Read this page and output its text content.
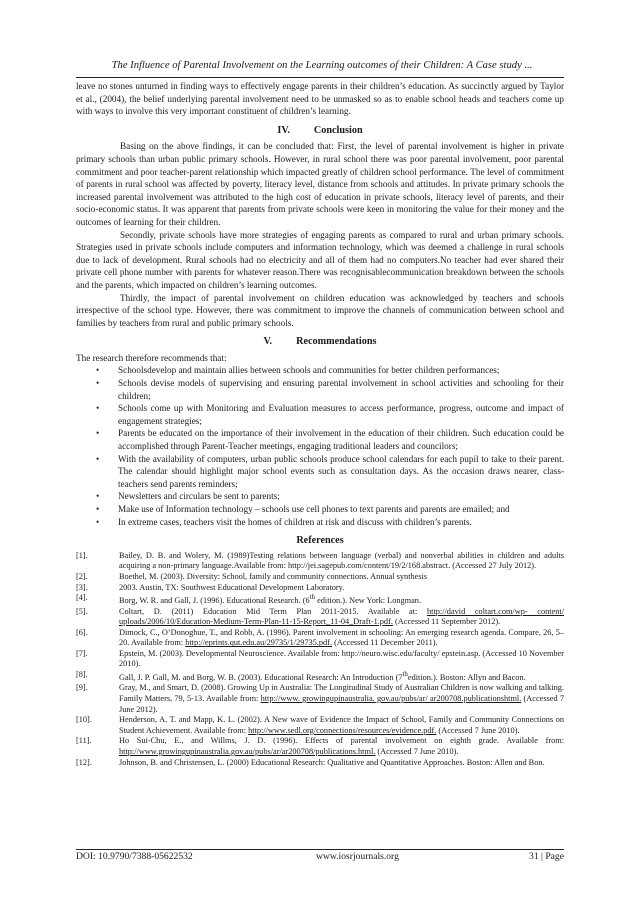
The Influence of Parental Involvement on the Learning outcomes of their Children: A Case study ...

leave no stones unturned in finding ways to effectively engage parents in their children’s education. As succinctly argued by Taylor et al., (2004), the belief underlying parental involvement need to be unmasked so as to enable school heads and teachers come up with ways to involve this very important constituent of children’s learning.

IV. Conclusion

Basing on the above findings, it can be concluded that: First, the level of parental involvement is higher in private primary schools than urban public primary schools. However, in rural school there was poor parental involvement, poor parental commitment and poor teacher-parent relationship which impacted greatly of children school performance. The level of commitment of parents in rural school was affected by poverty, literacy level, distance from schools and attitudes. In private primary schools the increased parental involvement was attributed to the high cost of education in private schools, literacy level of parents, and their socio-economic status. It was apparent that parents from private schools were keen in monitoring the value for their money and the outcomes of learning for their children.

Secondly, private schools have more strategies of engaging parents as compared to rural and urban primary schools. Strategies used in private schools include computers and information technology, which was deemed a challenge in rural schools due to lack of development. Rural schools had no electricity and all of them had no computers.No teacher had ever shared their private cell phone number with parents for whatever reason.There was recognisablecommunication breakdown between the schools and the parents, which impacted on children’s learning outcomes.

Thirdly, the impact of parental involvement on children education was acknowledged by teachers and schools irrespective of the school type. However, there was commitment to improve the channels of communication between school and families by teachers from rural and public primary schools.

V. Recommendations

The research therefore recommends that:

• Schoolsdevelop and maintain allies between schools and communities for better children performances;
• Schools devise models of supervising and ensuring parental involvement in school activities and schooling for their children;
• Schools come up with Monitoring and Evaluation measures to access performance, progress, outcome and impact of engagement strategies;
• Parents be educated on the importance of their involvement in the education of their children. Such education could be accomplished through Parent-Teacher meetings, engaging traditional leaders and councilors;
• With the availability of computers, urban public schools produce school calendars for each pupil to take to their parent. The calendar should highlight major school events such as consultation days. As the occasion draws nearer, class-teachers send parents reminders;
• Newsletters and circulars be sent to parents;
• Make use of Information technology – schools use cell phones to text parents and parents are emailed; and
• In extreme cases, teachers visit the homes of children at risk and discuss with children’s parents.
References
[1].	Bailey, D. B. and Wolery, M. (1989)Testing relations between language (verbal) and nonverbal abilities in children and adults acquiring a non-primary language.Available from: http://jei.sagepub.com/content/19/2/168.abstract. (Accessed 27 July 2012).
[2].	Boethel, M. (2003). Diversity: School, family and community connections. Annual synthesis
[3].	2003. Austin, TX: Southwest Educational Development Laboratory.
[4].	Borg, W. R. and Gall, J. (1996). Educational Research. (6th edition.). New York: Longman.
[5].	Coltart, D. (2011) Education Mid Term Plan 2011-2015. Available at: http://david coltart.com/wp- content/ uploads/2006/10/Education-Medium-Term-Plan-11-15-Report_11-04_Draft-1.pdf. (Accessed 11 September 2012).
[6].	Dimock, C., O’Donoghue, T., and Robb, A. (1996). Parent involvement in schooling: An emerging research agenda. Compare, 26, 5–20. Available from: http://eprints.qut.edu.au/29735/1/29735.pdf. (Accessed 11 December 2011).
[7].	Epstein, M. (2003). Developmental Neuroscience. Available from: http://neuro.wisc.edu/faculty/ epstein.asp. (Accessed 10 November 2010).
[8].	Gall, J. P. Gall, M. and Borg, W. B. (2003). Educational Research: An Introduction (7thedition.). Boston: Allyn and Bacon.
[9].	Gray, M., and Smart, D. (2008). Growing Up in Australia: The Longitudinal Study of Australian Children is now walking and talking. Family Matters, 79, 5-13. Available from: http://www. growingupinaustralia. gov.au/pubs/ar/ ar200708.publicationshtml. (Accessed 7 June 2012).
[10].	Henderson, A. T. and Mapp, K. L. (2002). A New wave of Evidence the Impact of School, Family and Community Connections on Student Achievement. Available from: http://www.sedl.org/connections/resources/evidence.pdf. (Accessed 7 June 2010).
[11].	Ho Sui-Chu, E., and Willms, J. D. (1996). Effects of parental involvement on eighth grade. Available from: http://www.growingupinaustralia.gov.au/pubs/ar/ar200708/publications.html. (Accessed 7 June 2010).
[12].	Johnson, B. and Christensen, L. (2000) Educational Research: Qualitative and Quantitative Approaches. Boston: Allen and Bon.
DOI: 10.9790/7388-05622532	www.iosrjournals.org	31 | Page
